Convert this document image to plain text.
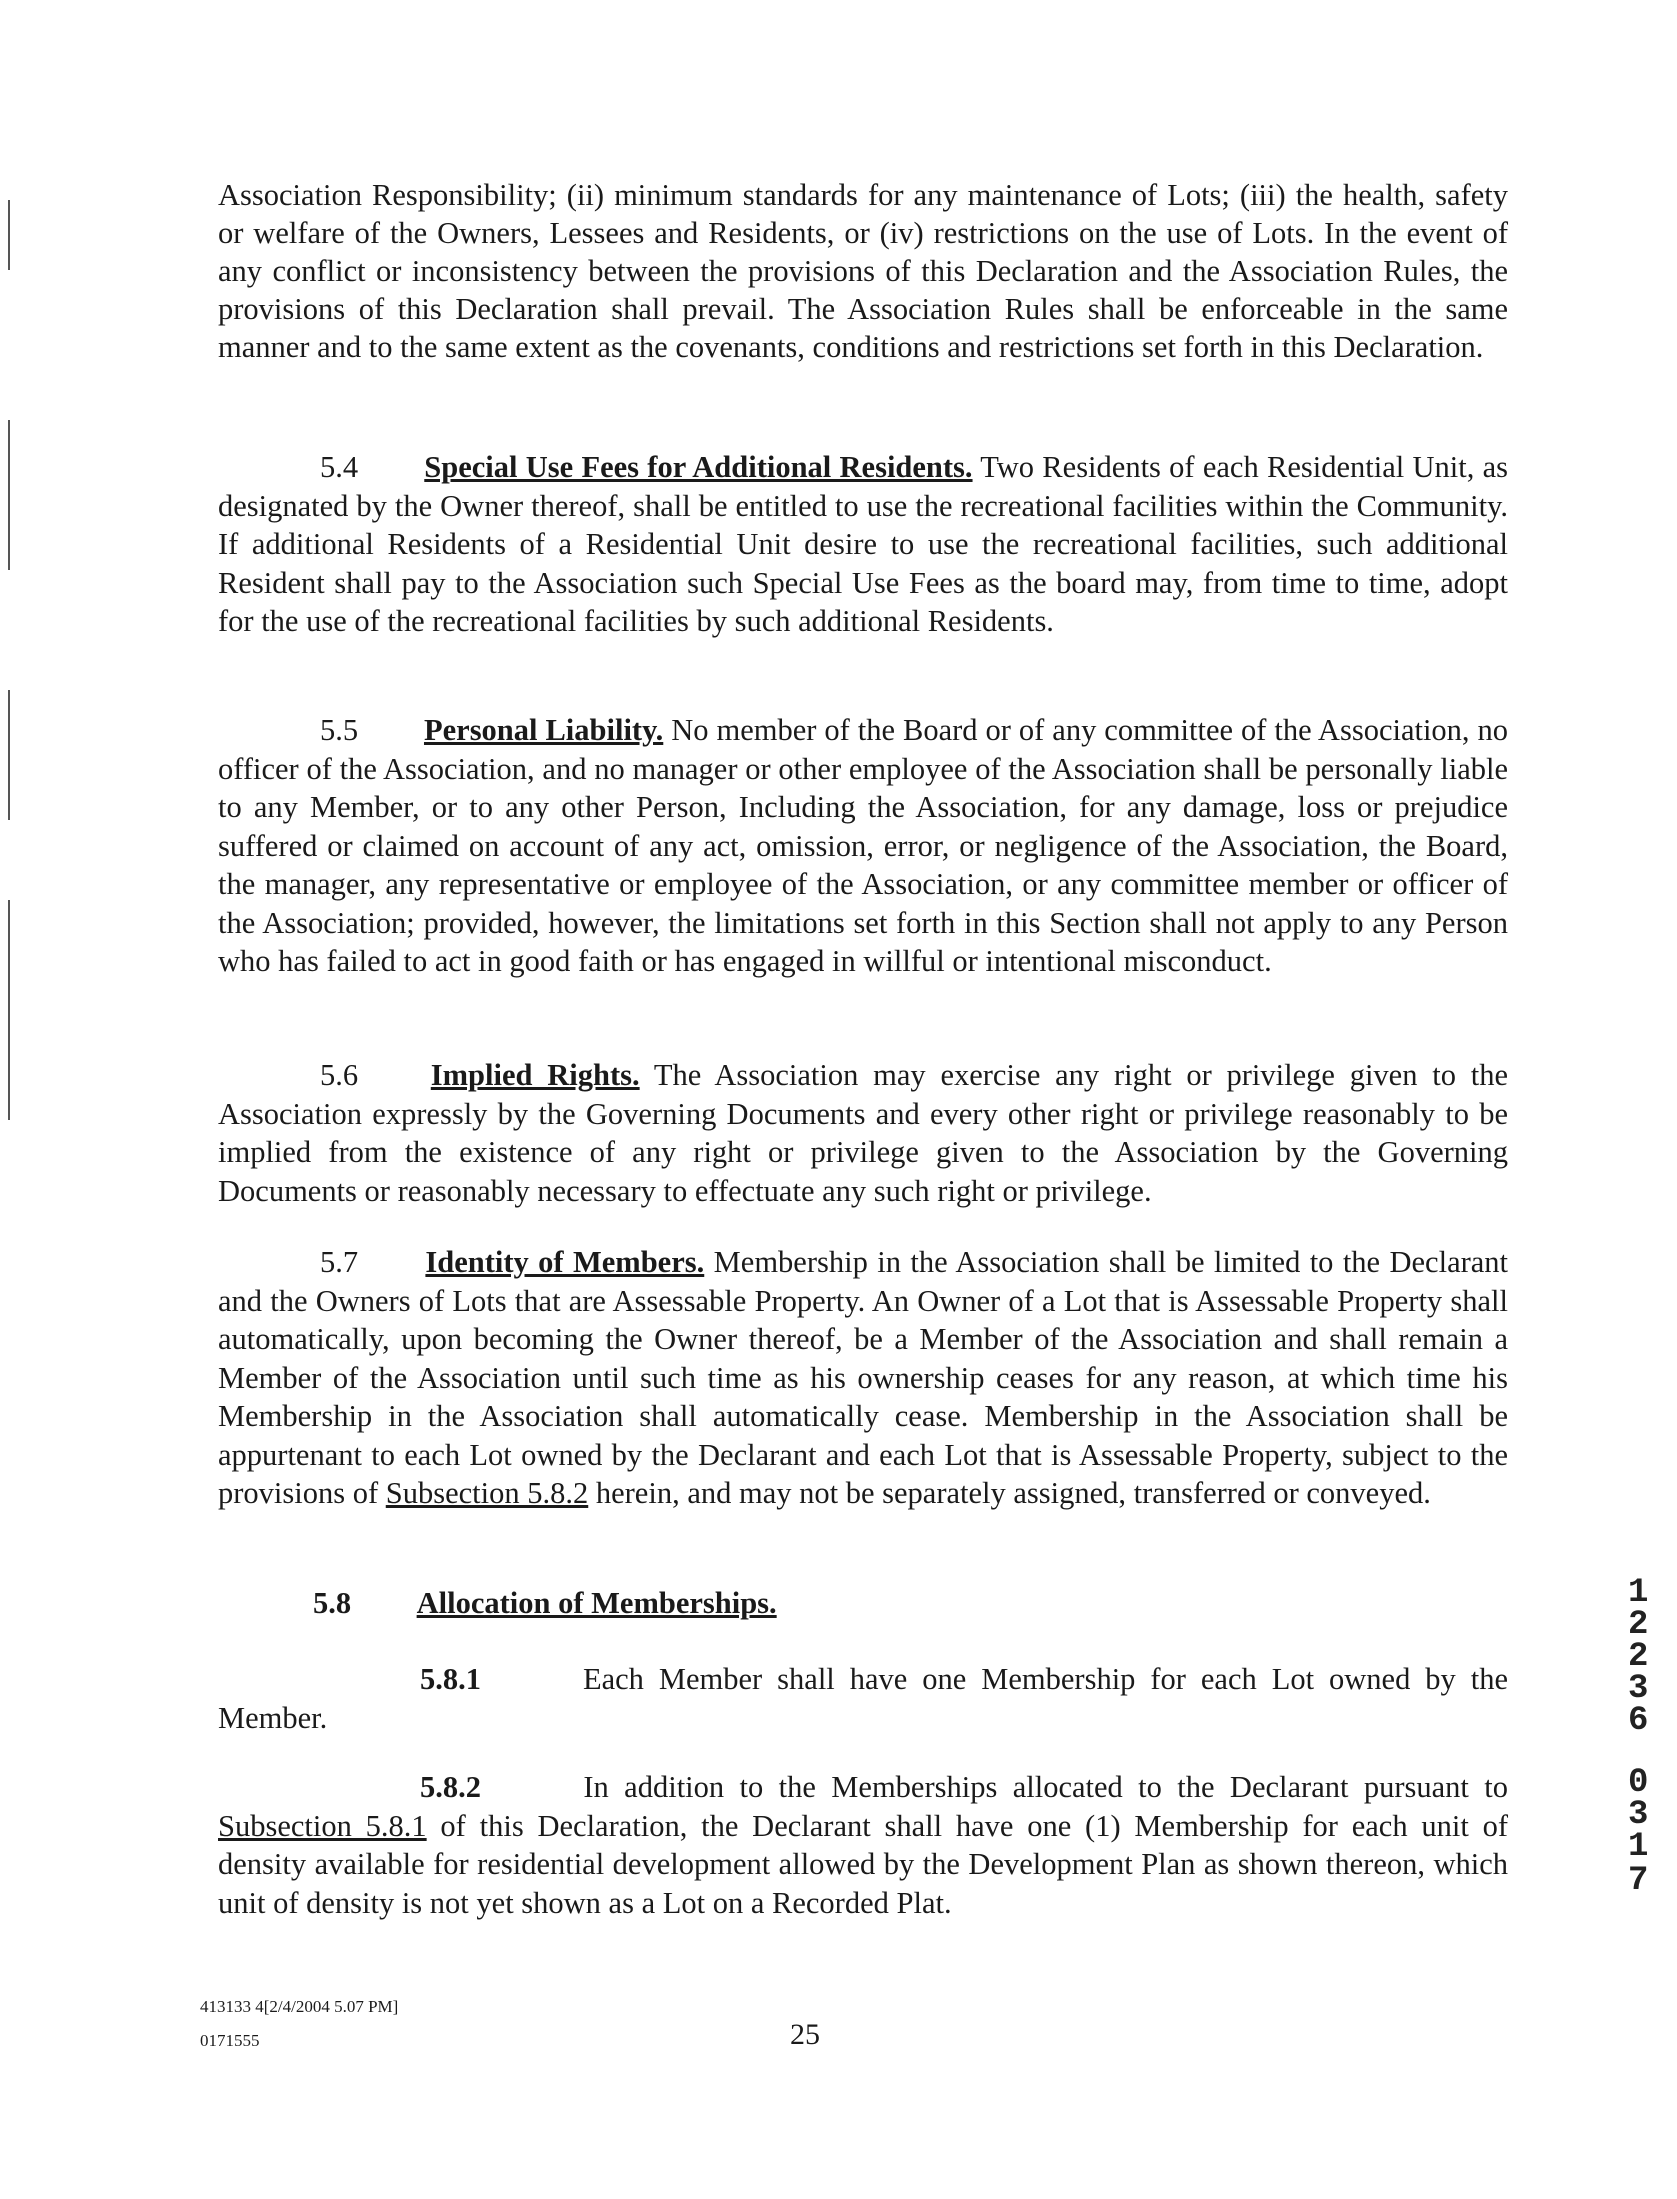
Association Responsibility; (ii) minimum standards for any maintenance of Lots; (iii) the health, safety or welfare of the Owners, Lessees and Residents, or (iv) restrictions on the use of Lots. In the event of any conflict or inconsistency between the provisions of this Declaration and the Association Rules, the provisions of this Declaration shall prevail. The Association Rules shall be enforceable in the same manner and to the same extent as the covenants, conditions and restrictions set forth in this Declaration.
5.4 Special Use Fees for Additional Residents. Two Residents of each Residential Unit, as designated by the Owner thereof, shall be entitled to use the recreational facilities within the Community. If additional Residents of a Residential Unit desire to use the recreational facilities, such additional Resident shall pay to the Association such Special Use Fees as the board may, from time to time, adopt for the use of the recreational facilities by such additional Residents.
5.5 Personal Liability. No member of the Board or of any committee of the Association, no officer of the Association, and no manager or other employee of the Association shall be personally liable to any Member, or to any other Person, Including the Association, for any damage, loss or prejudice suffered or claimed on account of any act, omission, error, or negligence of the Association, the Board, the manager, any representative or employee of the Association, or any committee member or officer of the Association; provided, however, the limitations set forth in this Section shall not apply to any Person who has failed to act in good faith or has engaged in willful or intentional misconduct.
5.6 Implied Rights. The Association may exercise any right or privilege given to the Association expressly by the Governing Documents and every other right or privilege reasonably to be implied from the existence of any right or privilege given to the Association by the Governing Documents or reasonably necessary to effectuate any such right or privilege.
5.7 Identity of Members. Membership in the Association shall be limited to the Declarant and the Owners of Lots that are Assessable Property. An Owner of a Lot that is Assessable Property shall automatically, upon becoming the Owner thereof, be a Member of the Association and shall remain a Member of the Association until such time as his ownership ceases for any reason, at which time his Membership in the Association shall automatically cease. Membership in the Association shall be appurtenant to each Lot owned by the Declarant and each Lot that is Assessable Property, subject to the provisions of Subsection 5.8.2 herein, and may not be separately assigned, transferred or conveyed.
5.8 Allocation of Memberships.
5.8.1	Each Member shall have one Membership for each Lot owned by the Member.
5.8.2	In addition to the Memberships allocated to the Declarant pursuant to Subsection 5.8.1 of this Declaration, the Declarant shall have one (1) Membership for each unit of density available for residential development allowed by the Development Plan as shown thereon, which unit of density is not yet shown as a Lot on a Recorded Plat.
413133 4[2/4/2004 5.07 PM]
0171555	25
1
2
2
3
6
0
3
1
7
